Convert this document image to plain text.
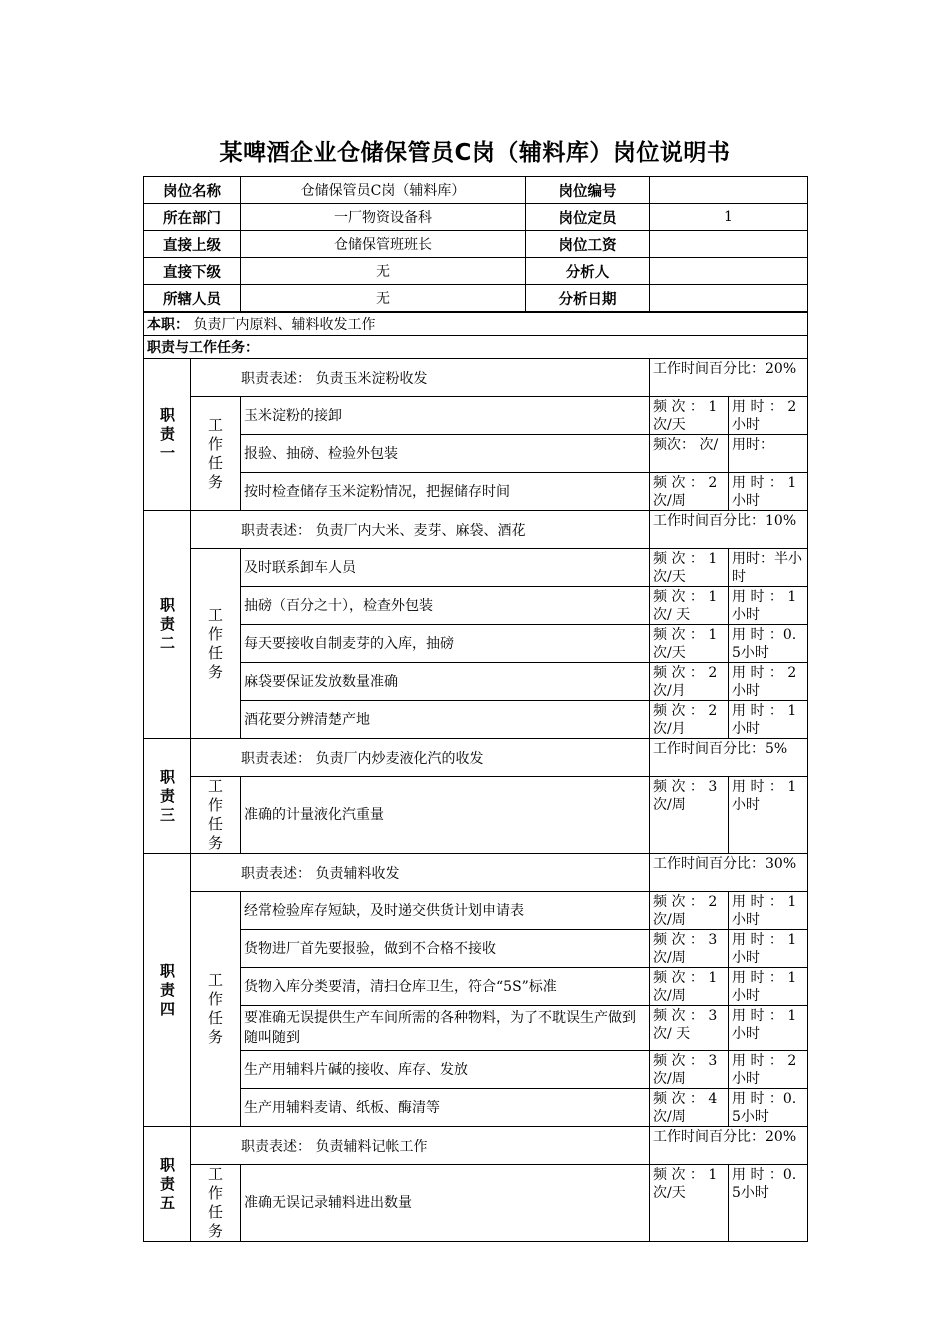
某啤酒企业仓储保管员C岗（辅料库）岗位说明书
岗位名称		仓储保管员C岗（辅料库）	岗位编号		
所在部门		一厂物资设备科	岗位定员	1	
直接上级		仓储保管班班长	岗位工资		
直接下级		无	分析人		
所辖人员		无	分析日期		
本职： 负责厂内原料、辅料收发工作					
职责与工作任务：					
职责一	职责表述： 负责玉米淀粉收发			工作时间百分比：20%	
	工作任务	玉米淀粉的接卸		频 次 ： 1次/天	用 时 ： 2小时
		报验、抽磅、检验外包装		频次： 次/	用时：
		按时检查储存玉米淀粉情况，把握储存时间		频 次 ： 2次/周	用 时 ： 1小时
职责二	职责表述： 负责厂内大米、麦芽、麻袋、酒花			工作时间百分比：10%	
	工作任务	及时联系卸车人员		频 次 ： 1次/天	用时：半小时
		抽磅（百分之十），检查外包装		频 次 ： 1次/ 天	用 时 ： 1小时
		每天要接收自制麦芽的入库，抽磅		频 次 ： 1次/天	用 时 ：0.5小时
		麻袋要保证发放数量准确		频 次 ： 2次/月	用 时 ： 2小时
		酒花要分辨清楚产地		频 次 ： 2次/月	用 时 ： 1小时
职责三	职责表述： 负责厂内炒麦液化汽的收发			工作时间百分比：5%	
	工作任务	准确的计量液化汽重量		频 次 ： 3次/周	用 时 ： 1小时
职责四	职责表述： 负责辅料收发			工作时间百分比：30%	
	工作任务	经常检验库存短缺，及时递交供货计划申请表		频 次 ： 2次/周	用 时 ： 1小时
		货物进厂首先要报验，做到不合格不接收		频 次 ： 3次/周	用 时 ： 1小时
		货物入库分类要清，清扫仓库卫生，符合“5S”标准		频 次 ： 1次/周	用 时 ： 1小时
		要准确无误提供生产车间所需的各种物料，为了不耽误生产做到随叫随到		频 次 ： 3次/ 天	用 时 ： 1小时
		生产用辅料片碱的接收、库存、发放		频 次 ： 3次/周	用 时 ： 2小时
		生产用辅料麦请、纸板、酶清等		频 次 ： 4次/周	用 时 ：0.5小时
职责五	职责表述： 负责辅料记帐工作			工作时间百分比：20%	
	工作任务	准确无误记录辅料进出数量		频 次 ： 1次/天	用 时 ：0.5小时
